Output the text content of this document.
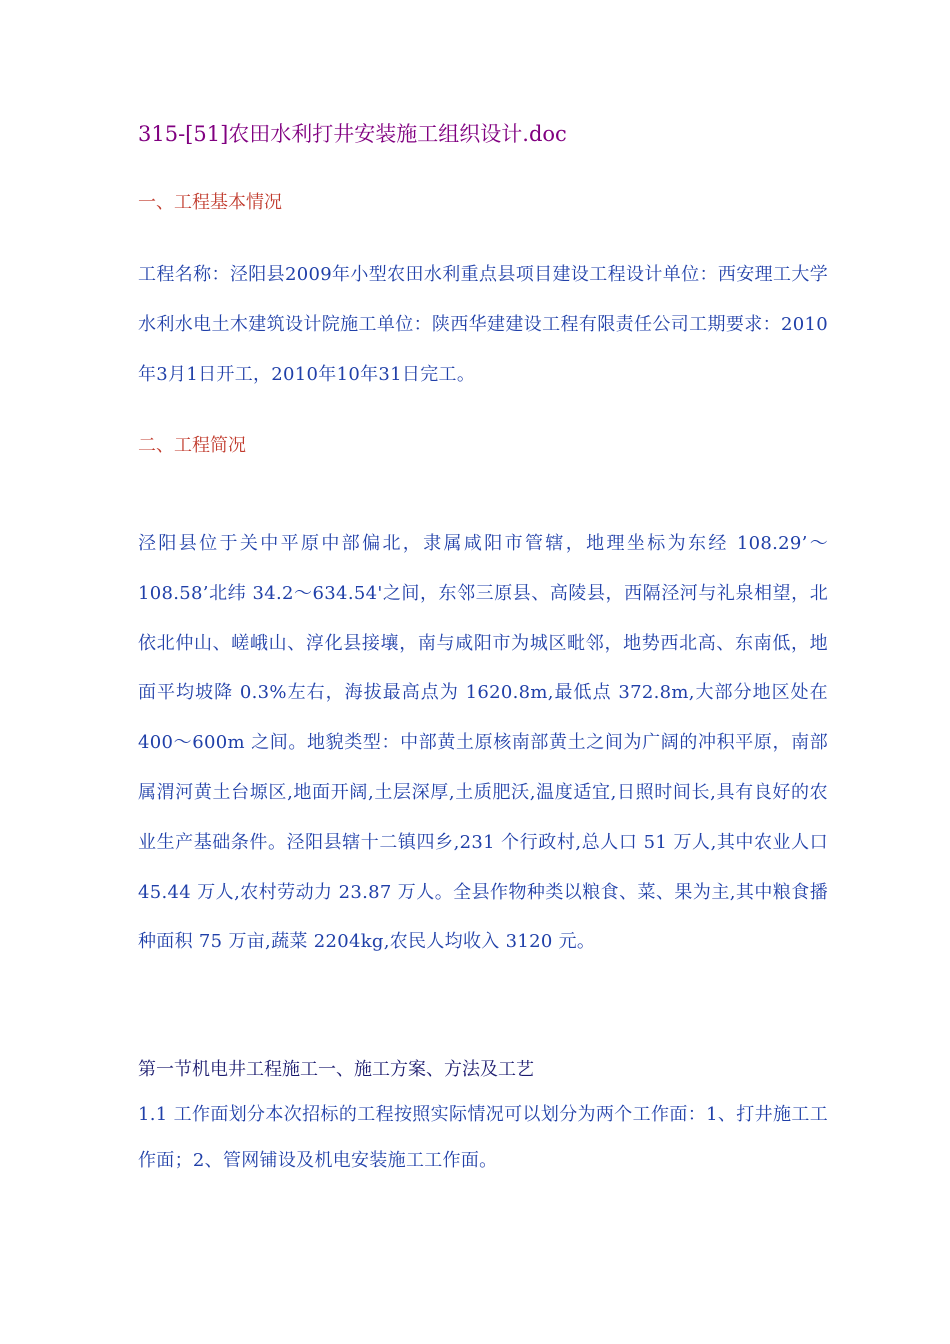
315-[51]农田水利打井安装施工组织设计.doc
一、工程基本情况
工程名称：泾阳县2009年小型农田水利重点县项目建设工程设计单位：西安理工大学水利水电土木建筑设计院施工单位：陕西华建建设工程有限责任公司工期要求：2010年3月1日开工，2010年10年31日完工。
二、工程简况
泾阳县位于关中平原中部偏北，隶属咸阳市管辖，地理坐标为东经 108.29’～108.58’北纬 34.2～634.54'之间，东邻三原县、高陵县，西隔泾河与礼泉相望，北依北仲山、嵯峨山、淳化县接壤，南与咸阳市为城区毗邻，地势西北高、东南低，地面平均坡降 0.3%左右，海拔最高点为 1620.8m,最低点 372.8m,大部分地区处在 400～600m 之间。地貌类型：中部黄土原核南部黄土之间为广阔的冲积平原，南部属渭河黄土台塬区,地面开阔,土层深厚,土质肥沃,温度适宜,日照时间长,具有良好的农业生产基础条件。泾阳县辖十二镇四乡,231 个行政村,总人口 51 万人,其中农业人口 45.44 万人,农村劳动力 23.87 万人。全县作物种类以粮食、菜、果为主,其中粮食播种面积 75 万亩,蔬菜 2204kg,农民人均收入 3120 元。
第一节机电井工程施工一、施工方案、方法及工艺
1.1 工作面划分本次招标的工程按照实际情况可以划分为两个工作面：1、打井施工工作面；2、管网铺设及机电安装施工工作面。
